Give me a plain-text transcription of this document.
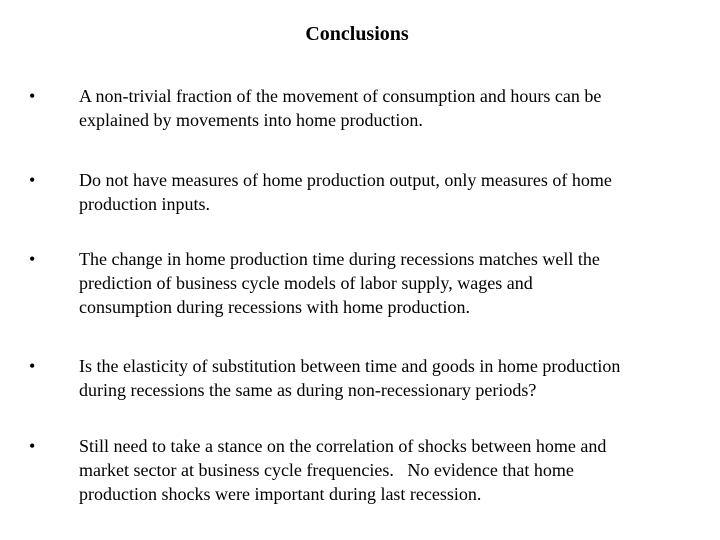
Conclusions
• A non-trivial fraction of the movement of consumption and hours can be
explained by movements into home production.
• Do not have measures of home production output, only measures of home
production inputs.
• The change in home production time during recessions matches well the
prediction of business cycle models of labor supply, wages and
consumption during recessions with home production.
• Is the elasticity of substitution between time and goods in home production
during recessions the same as during non-recessionary periods?
• Still need to take a stance on the correlation of shocks between home and
market sector at business cycle frequencies.   No evidence that home
production shocks were important during last recession.
